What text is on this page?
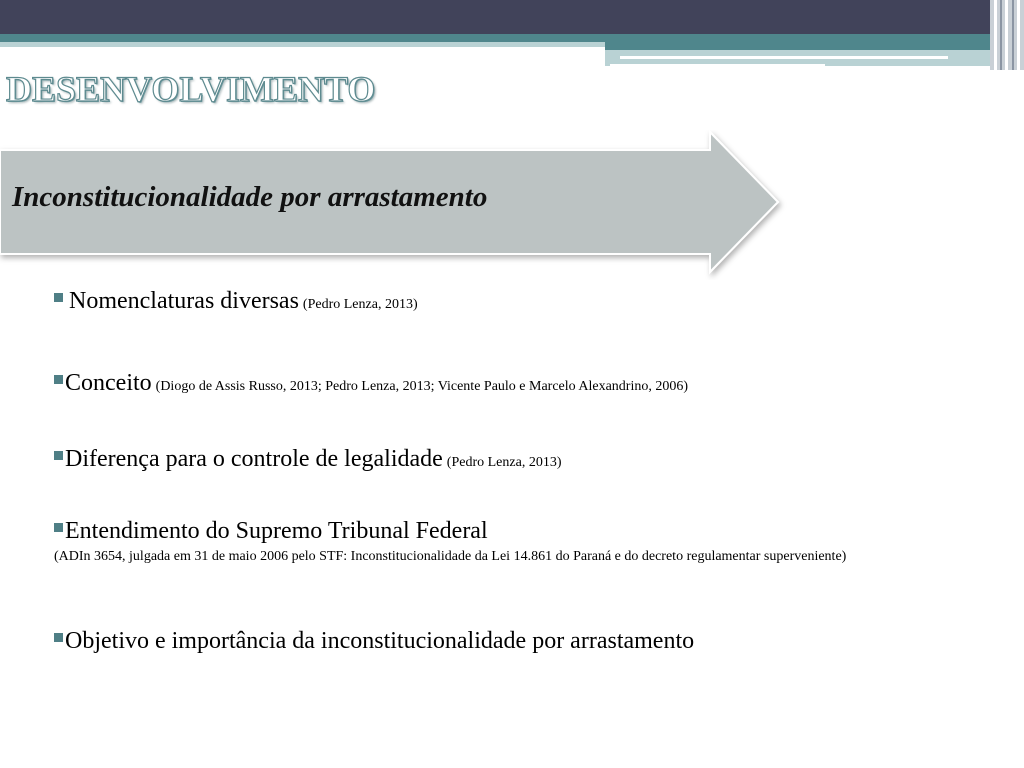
DESENVOLVIMENTO
Inconstitucionalidade por arrastamento
Nomenclaturas diversas (Pedro Lenza, 2013)
Conceito (Diogo de Assis Russo, 2013; Pedro Lenza, 2013; Vicente Paulo e Marcelo Alexandrino, 2006)
Diferença para o controle de legalidade (Pedro Lenza, 2013)
Entendimento do Supremo Tribunal Federal
(ADIn 3654, julgada em 31 de maio 2006 pelo STF: Inconstitucionalidade da Lei 14.861 do Paraná e do decreto regulamentar superveniente)
Objetivo e importância da inconstitucionalidade por arrastamento
